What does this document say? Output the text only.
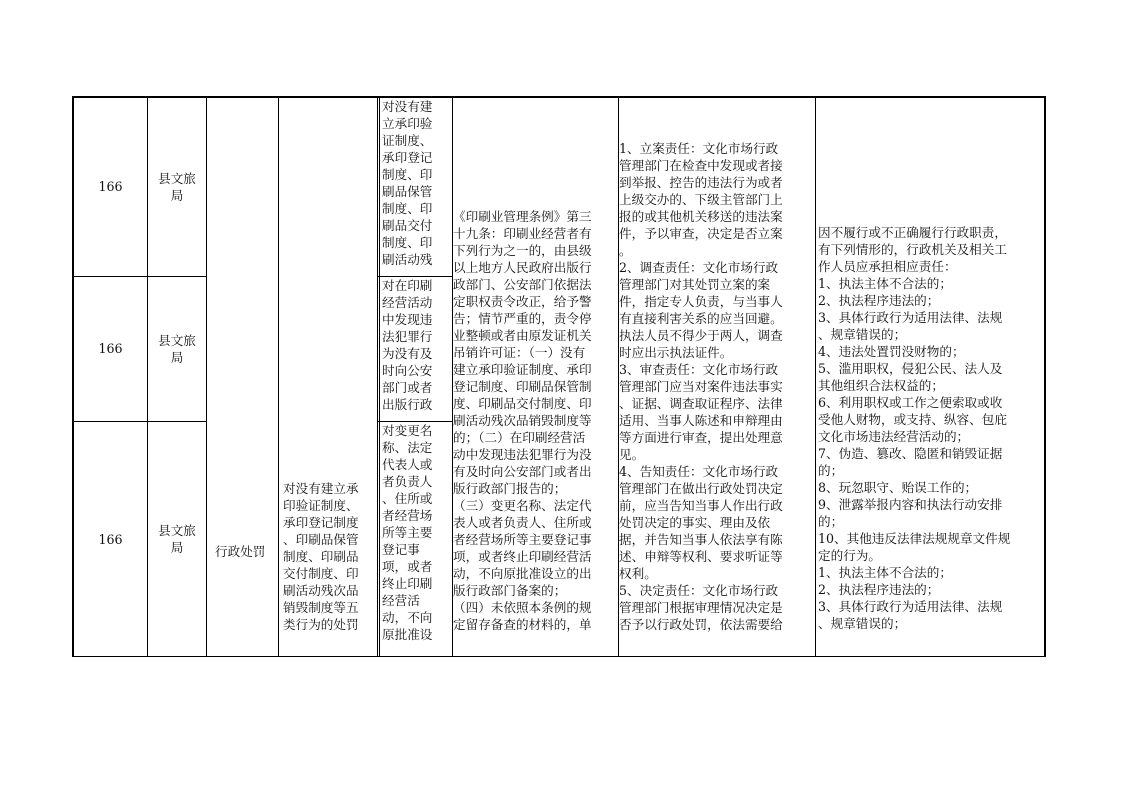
166
县文旅
局
对没有建
立承印验
证制度、
承印登记
制度、印
刷品保管
制度、印
刷品交付
制度、印
刷活动残
166
县文旅
局
对在印刷
经营活动
中发现违
法犯罪行
为没有及
时向公安
部门或者
出版行政
166
县文旅
局
对变更名
称、法定
代表人或
者负责人
、住所或
者经营场
所等主要
登记事
项，或者
终止印刷
经营活
动，不向
原批准设
行政处罚
对没有建立承
印验证制度、
承印登记制度
、印刷品保管
制度、印刷品
交付制度、印
刷活动残次品
销毁制度等五
类行为的处罚
《印刷业管理条例》第三
十九条：印刷业经营者有
下列行为之一的，由县级
以上地方人民政府出版行
政部门、公安部门依据法
定职权责令改正，给予警
告；情节严重的，责令停
业整顿或者由原发证机关
吊销许可证：（一）没有
建立承印验证制度、承印
登记制度、印刷品保管制
度、印刷品交付制度、印
刷活动残次品销毁制度等
的；（二）在印刷经营活
动中发现违法犯罪行为没
有及时向公安部门或者出
版行政部门报告的；
（三）变更名称、法定代
表人或者负责人、住所或
者经营场所等主要登记事
项，或者终止印刷经营活
动，不向原批准设立的出
版行政部门备案的；
（四）未依照本条例的规
定留存备查的材料的，单
1、立案责任：文化市场行政
管理部门在检查中发现或者接
到举报、控告的违法行为或者
上级交办的、下级主管部门上
报的或其他机关移送的违法案
件，予以审查，决定是否立案
。
2、调查责任：文化市场行政
管理部门对其处罚立案的案
件，指定专人负责，与当事人
有直接利害关系的应当回避。
执法人员不得少于两人，调查
时应出示执法证件。
3、审查责任：文化市场行政
管理部门应当对案件违法事实
、证据、调查取证程序、法律
适用、当事人陈述和申辩理由
等方面进行审查，提出处理意
见。
4、告知责任：文化市场行政
管理部门在做出行政处罚决定
前，应当告知当事人作出行政
处罚决定的事实、理由及依
据，并告知当事人依法享有陈
述、申辩等权利、要求听证等
权利。
5、决定责任：文化市场行政
管理部门根据审理情况决定是
否予以行政处罚，依法需要给
因不履行或不正确履行行政职责，
有下列情形的，行政机关及相关工
作人员应承担相应责任：
1、执法主体不合法的；
2、执法程序违法的；
3、具体行政行为适用法律、法规
、规章错误的；
4、违法处置罚没财物的；
5、滥用职权，侵犯公民、法人及
其他组织合法权益的；
6、利用职权或工作之便索取或收
受他人财物，或支持、纵容、包庇
文化市场违法经营活动的；
7、伪造、篡改、隐匿和销毁证据
的；
8、玩忽职守、贻误工作的；
9、泄露举报内容和执法行动安排
的；
10、其他违反法律法规规章文件规
定的行为。
1、执法主体不合法的；
2、执法程序违法的；
3、具体行政行为适用法律、法规
、规章错误的；
